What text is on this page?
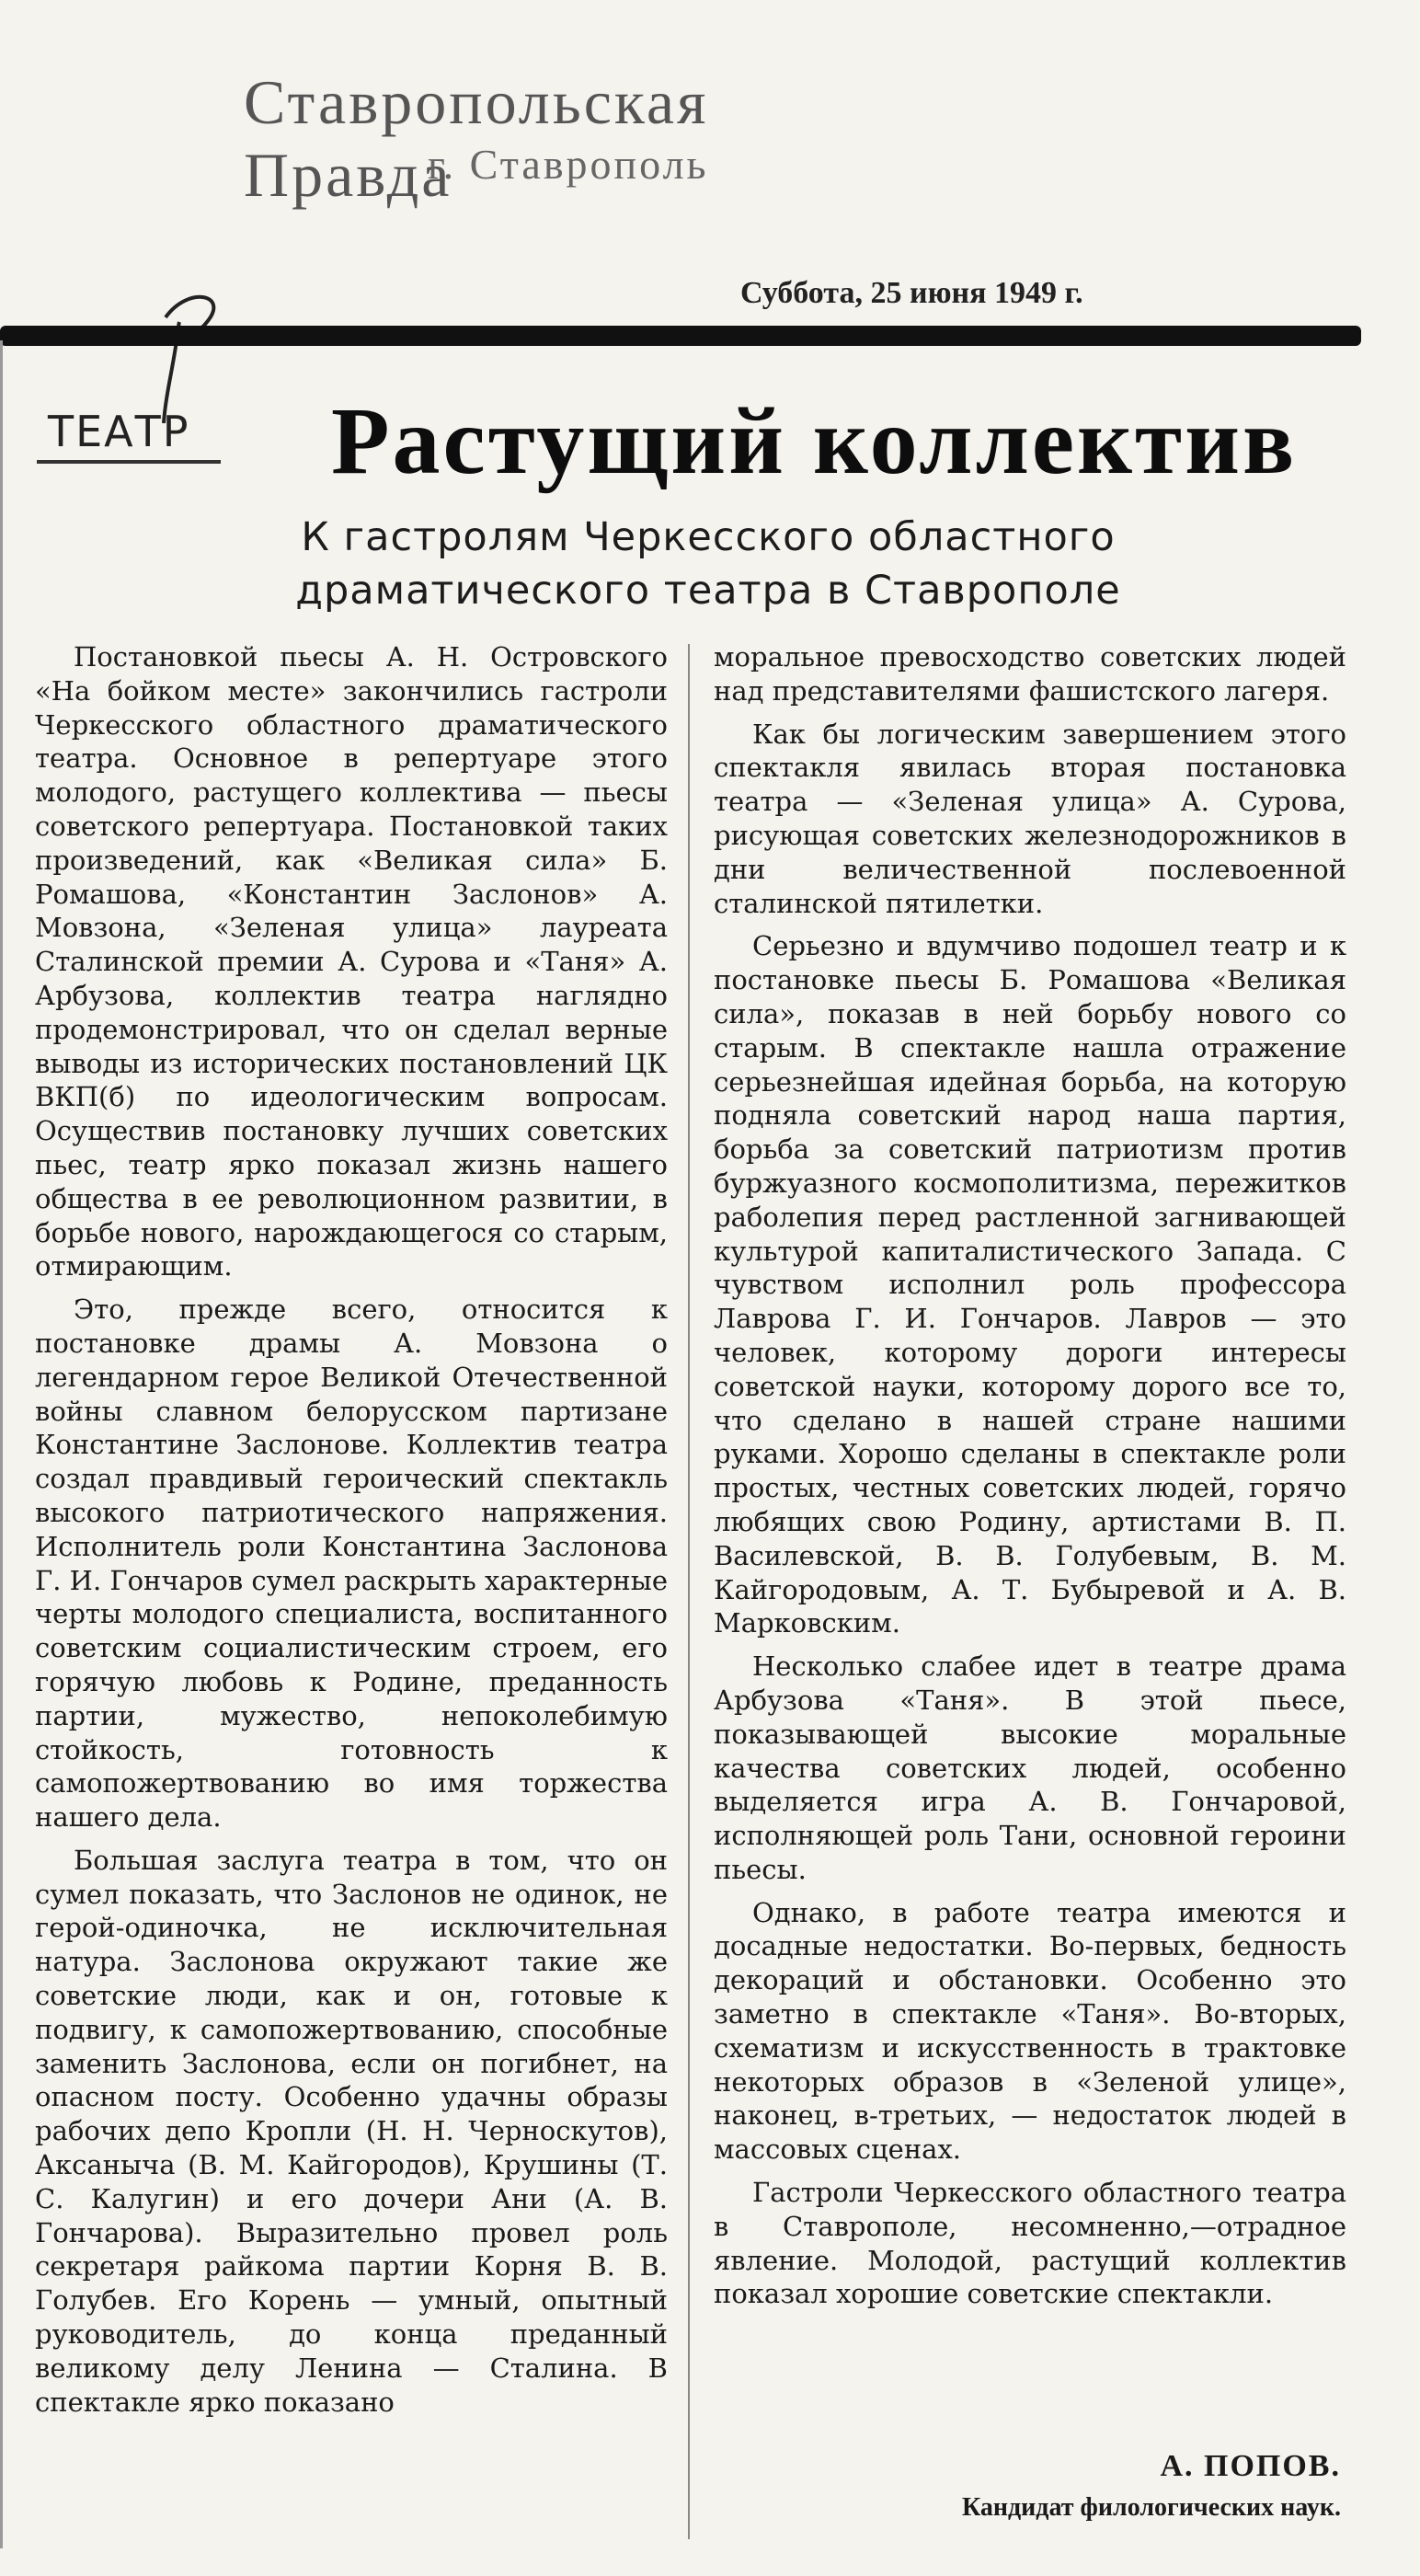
Ставропольская Правда
г. Ставрополь
Суббота, 25 июня 1949 г.
ТЕАТР Растущий коллектив
К гастролям Черкесского областного
драматического театра в Ставрополе

Постановкой пьесы А. Н. Островского «На бойком месте» закончились гастроли Черкесского областного драматического театра. Основное в репертуаре этого молодого, растущего коллектива — пьесы советского репертуара. Постановкой таких произведений, как «Великая сила» Б. Ромашова, «Константин Заслонов» А. Мовзона, «Зеленая улица» лауреата Сталинской премии А. Сурова и «Таня» А. Арбузова, коллектив театра наглядно продемонстрировал, что он сделал верные выводы из исторических постановлений ЦК ВКП(б) по идеологическим вопросам. Осуществив постановку лучших советских пьес, театр ярко показал жизнь нашего общества в ее революционном развитии, в борьбе нового, нарождающегося со старым, отмирающим.

Это, прежде всего, относится к постановке драмы А. Мовзона о легендарном герое Великой Отечественной войны славном белорусском партизане Константине Заслонове. Коллектив театра создал правдивый героический спектакль высокого патриотического напряжения. Исполнитель роли Константина Заслонова Г. И. Гончаров сумел раскрыть характерные черты молодого специалиста, воспитанного советским социалистическим строем, его горячую любовь к Родине, преданность партии, мужество, непоколебимую стойкость, готовность к самопожертвованию во имя торжества нашего дела.

Большая заслуга театра в том, что он сумел показать, что Заслонов не одинок, не герой-одиночка, не исключительная натура. Заслонова окружают такие же советские люди, как и он, готовые к подвигу, к самопожертвованию, способные заменить Заслонова, если он погибнет, на опасном посту. Особенно удачны образы рабочих депо Кропли (Н. Н. Черноскутов), Аксаныча (В. М. Кайгородов), Крушины (Т. С. Калугин) и его дочери Ани (А. В. Гончарова). Выразительно провел роль секретаря райкома партии Корня В. В. Голубев. Его Корень — умный, опытный руководитель, до конца преданный великому делу Ленина — Сталина. В спектакле ярко показано

моральное превосходство советских людей над представителями фашистского лагеря.

Как бы логическим завершением этого спектакля явилась вторая постановка театра — «Зеленая улица» А. Сурова, рисующая советских железнодорожников в дни величественной послевоенной сталинской пятилетки.

Серьезно и вдумчиво подошел театр и к постановке пьесы Б. Ромашова «Великая сила», показав в ней борьбу нового со старым. В спектакле нашла отражение серьезнейшая идейная борьба, на которую подняла советский народ наша партия, борьба за советский патриотизм против буржуазного космополитизма, пережитков раболепия перед растленной загнивающей культурой капиталистического Запада. С чувством исполнил роль профессора Лаврова Г. И. Гончаров. Лавров — это человек, которому дороги интересы советской науки, которому дорого все то, что сделано в нашей стране нашими руками. Хорошо сделаны в спектакле роли простых, честных советских людей, горячо любящих свою Родину, артистами В. П. Василевской, В. В. Голубевым, В. М. Кайгородовым, А. Т. Бубыревой и А. В. Марковским.

Несколько слабее идет в театре драма Арбузова «Таня». В этой пьесе, показывающей высокие моральные качества советских людей, особенно выделяется игра А. В. Гончаровой, исполняющей роль Тани, основной героини пьесы.

Однако, в работе театра имеются и досадные недостатки. Во-первых, бедность декораций и обстановки. Особенно это заметно в спектакле «Таня». Во-вторых, схематизм и искусственность в трактовке некоторых образов в «Зеленой улице», наконец, в-третьих, — недостаток людей в массовых сценах.

Гастроли Черкесского областного театра в Ставрополе, несомненно,—отрадное явление. Молодой, растущий коллектив показал хорошие советские спектакли.

А. ПОПОВ.
Кандидат филологических наук.
